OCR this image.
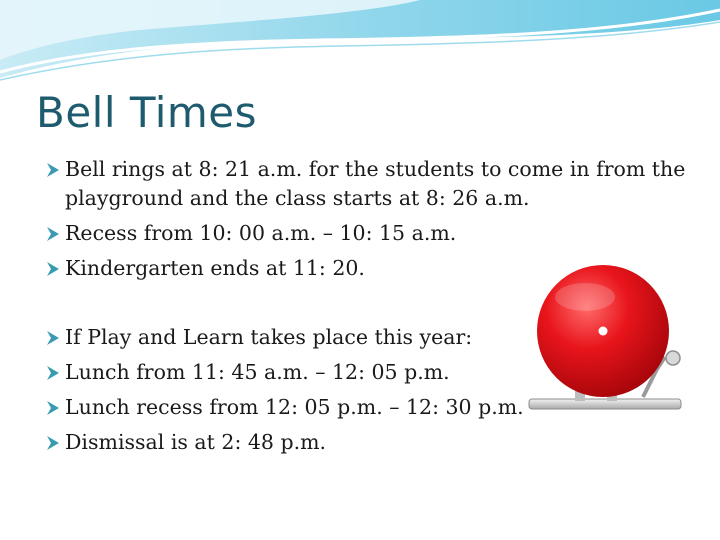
Bell Times
Bell rings at 8: 21 a.m. for the students to come in from the playground and the class starts at 8: 26 a.m.
Recess from 10: 00 a.m. – 10: 15 a.m.
Kindergarten ends at 11: 20.
If Play and Learn takes place this year:
Lunch from 11: 45 a.m. – 12: 05 p.m.
Lunch recess from 12: 05 p.m. – 12: 30 p.m.
Dismissal is at 2: 48 p.m.
